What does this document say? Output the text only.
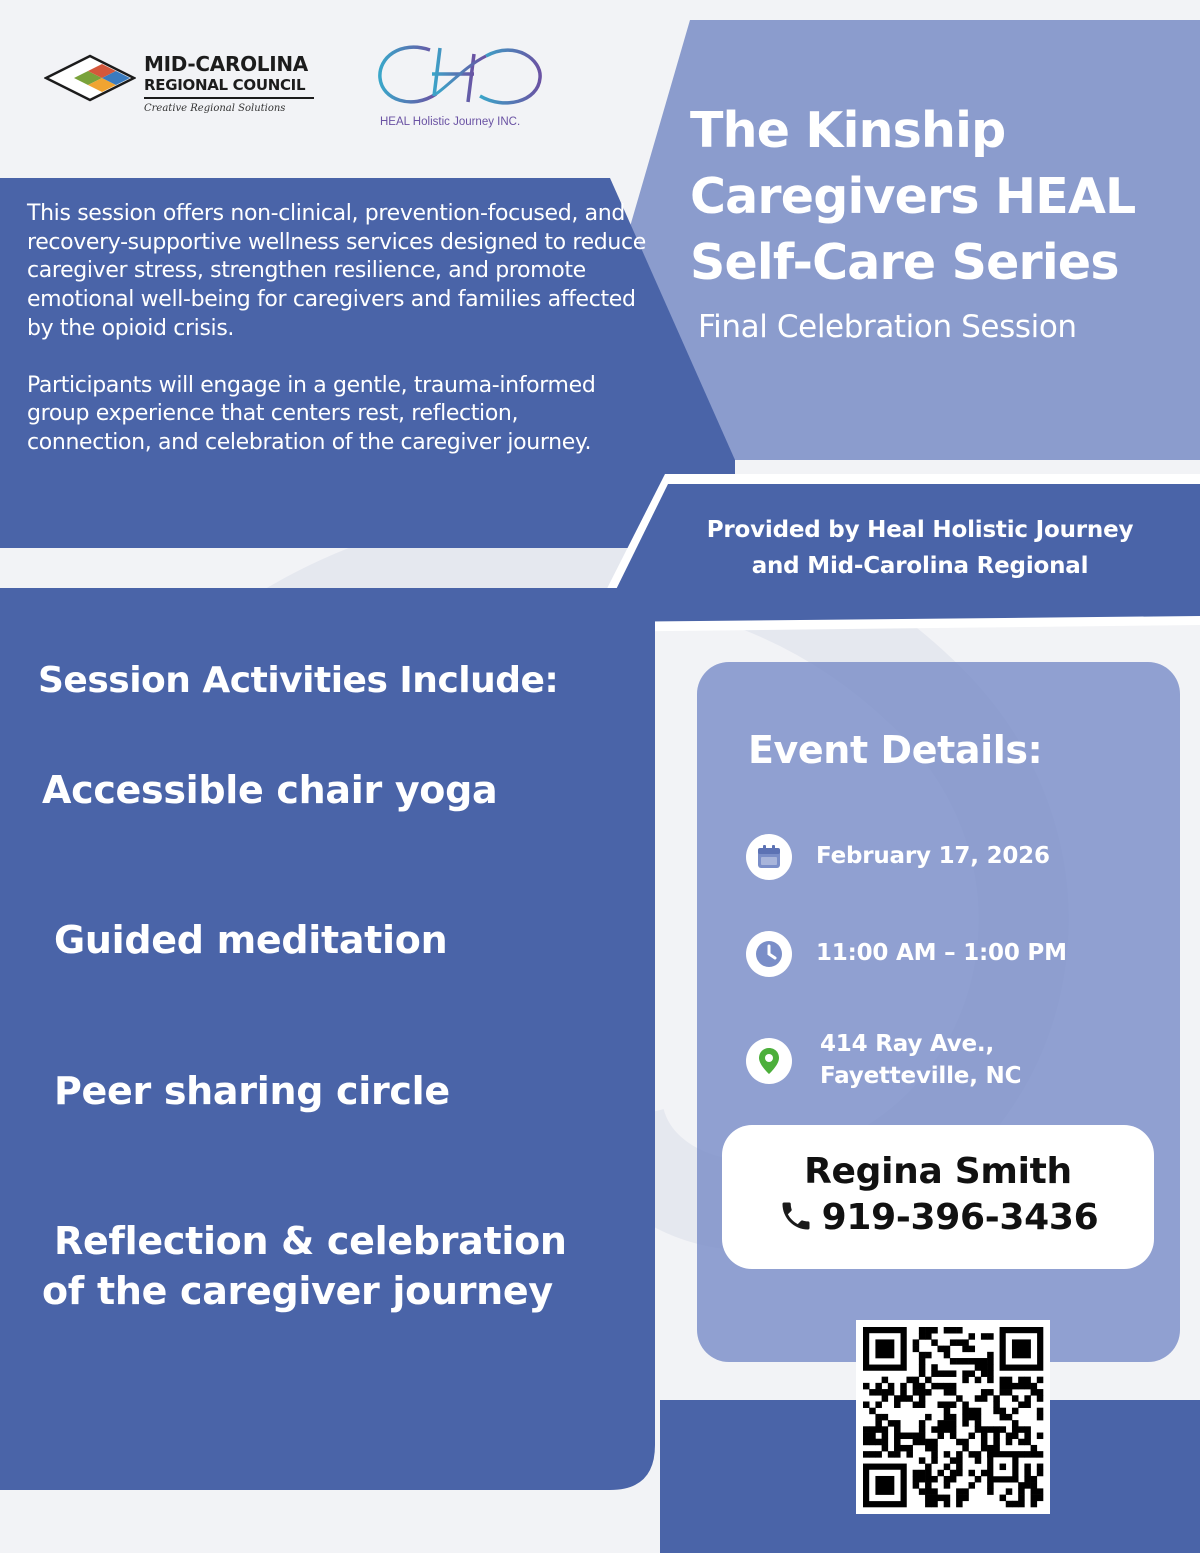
MID-CAROLINA
REGIONAL COUNCIL
Creative Regional Solutions
HEAL Holistic Journey INC.	The Kinship
Caregivers HEAL
Self-Care Series
Final Celebration Session
Provided by Heal Holistic Journey
and Mid-Carolina Regional

This session offers non-clinical, prevention-focused, and recovery-supportive wellness services designed to reduce caregiver stress, strengthen resilience, and promote emotional well-being for caregivers and families affected by the opioid crisis.

Participants will engage in a gentle, trauma-informed group experience that centers rest, reflection, connection, and celebration of the caregiver journey.

Session Activities Include:
Accessible chair yoga
Guided meditation
Peer sharing circle
Reflection & celebration
of the caregiver journey
Event Details:
February 17, 2026
11:00 AM – 1:00 PM
414 Ray Ave.,
Fayetteville, NC
Regina Smith
919-396-3436
